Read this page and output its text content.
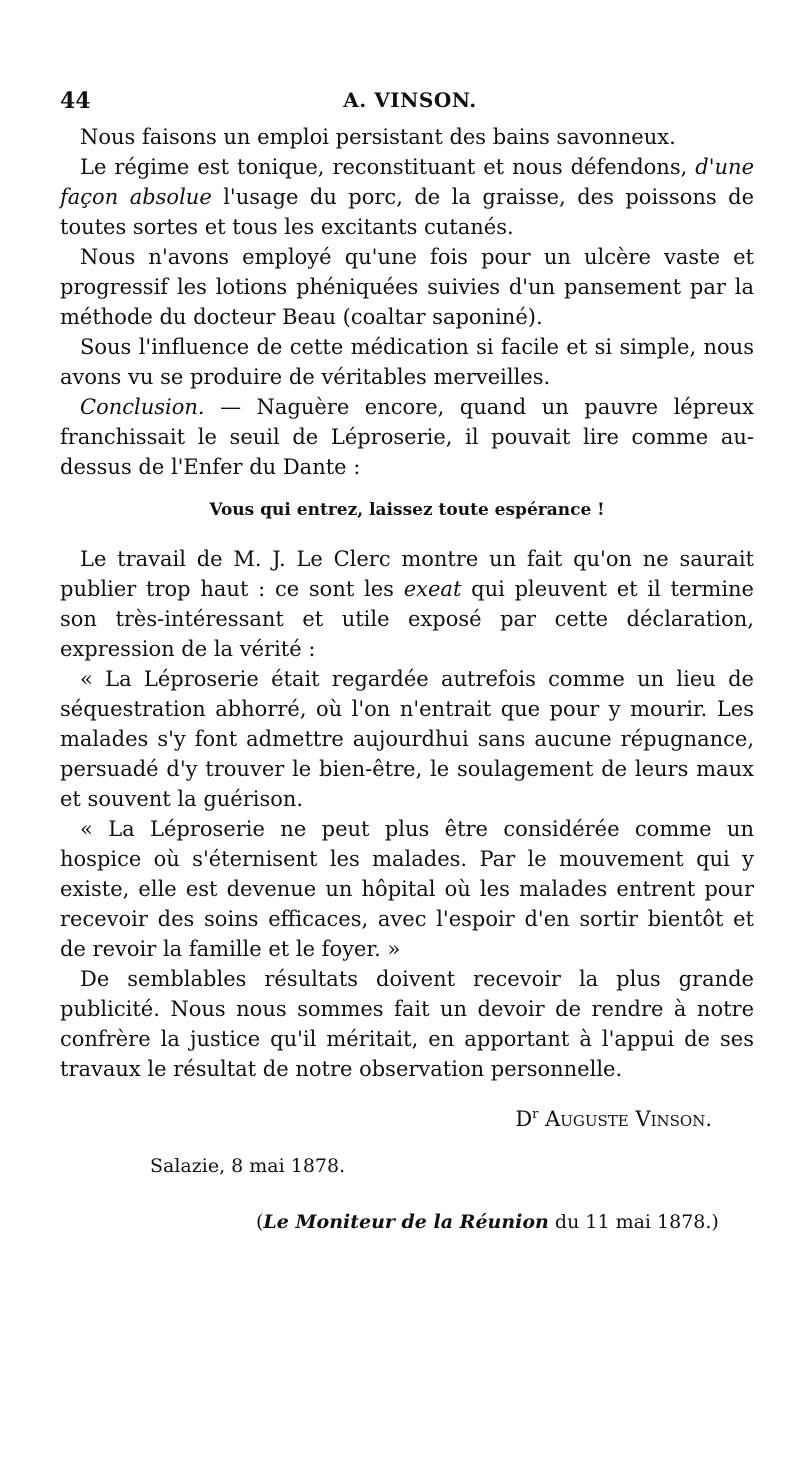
44	A. VINSON.

Nous faisons un emploi persistant des bains savonneux.

Le régime est tonique, reconstituant et nous défendons, d'une façon absolue l'usage du porc, de la graisse, des poissons de toutes sortes et tous les excitants cutanés.

Nous n'avons employé qu'une fois pour un ulcère vaste et progressif les lotions phéniquées suivies d'un pansement par la méthode du docteur Beau (coaltar saponiné).

Sous l'influence de cette médication si facile et si simple, nous avons vu se produire de véritables merveilles.

Conclusion. — Naguère encore, quand un pauvre lépreux franchissait le seuil de Léproserie, il pouvait lire comme au-dessus de l'Enfer du Dante :

Vous qui entrez, laissez toute espérance !

Le travail de M. J. Le Clerc montre un fait qu'on ne saurait publier trop haut : ce sont les exeat qui pleuvent et il termine son très-intéressant et utile exposé par cette déclaration, expression de la vérité :

« La Léproserie était regardée autrefois comme un lieu de séquestration abhorré, où l'on n'entrait que pour y mourir. Les malades s'y font admettre aujourdhui sans aucune répugnance, persuadé d'y trouver le bien-être, le soulagement de leurs maux et souvent la guérison.

« La Léproserie ne peut plus être considérée comme un hospice où s'éternisent les malades. Par le mouvement qui y existe, elle est devenue un hôpital où les malades entrent pour recevoir des soins efficaces, avec l'espoir d'en sortir bientôt et de revoir la famille et le foyer. »

De semblables résultats doivent recevoir la plus grande publicité. Nous nous sommes fait un devoir de rendre à notre confrère la justice qu'il méritait, en apportant à l'appui de ses travaux le résultat de notre observation personnelle.

$D^r$ Auguste Vinson.
Salazie, 8 mai 1878.
(Le Moniteur de la Réunion du 11 mai 1878.)
